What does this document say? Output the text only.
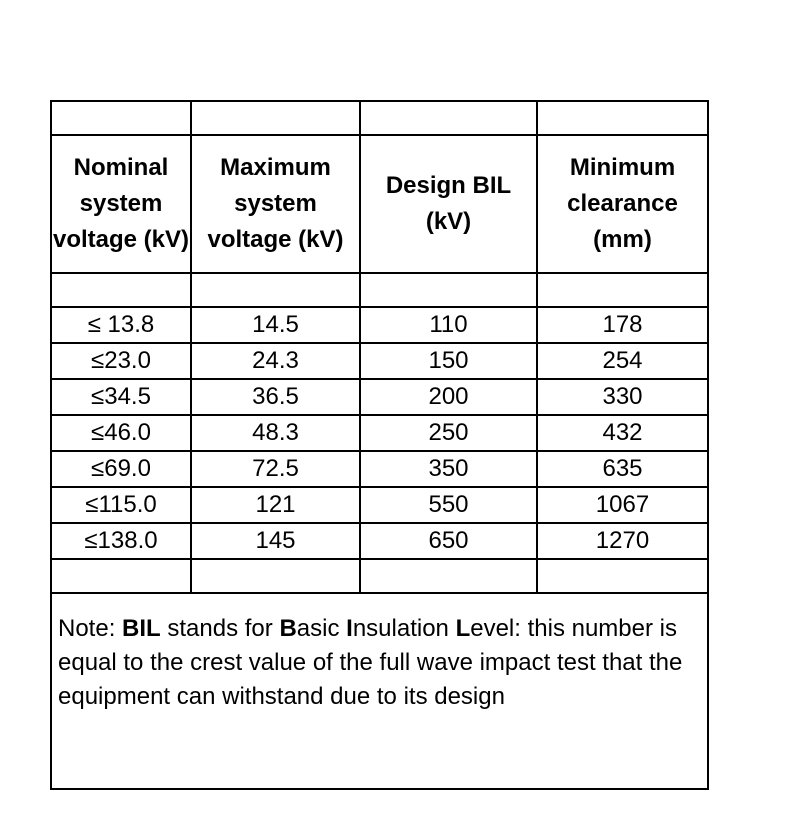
Nominal system voltage (kV)	Maximum system voltage (kV)	Design BIL (kV)	Minimum clearance (mm)

≤ 13.8	14.5	110	178
≤23.0	24.3	150	254
≤34.5	36.5	200	330
≤46.0	48.3	250	432
≤69.0	72.5	350	635
≤115.0	121	550	1067
≤138.0	145	650	1270

Note: BIL stands for Basic Insulation Level: this number is equal to the crest value of the full wave impact test that the equipment can withstand due to its design			
